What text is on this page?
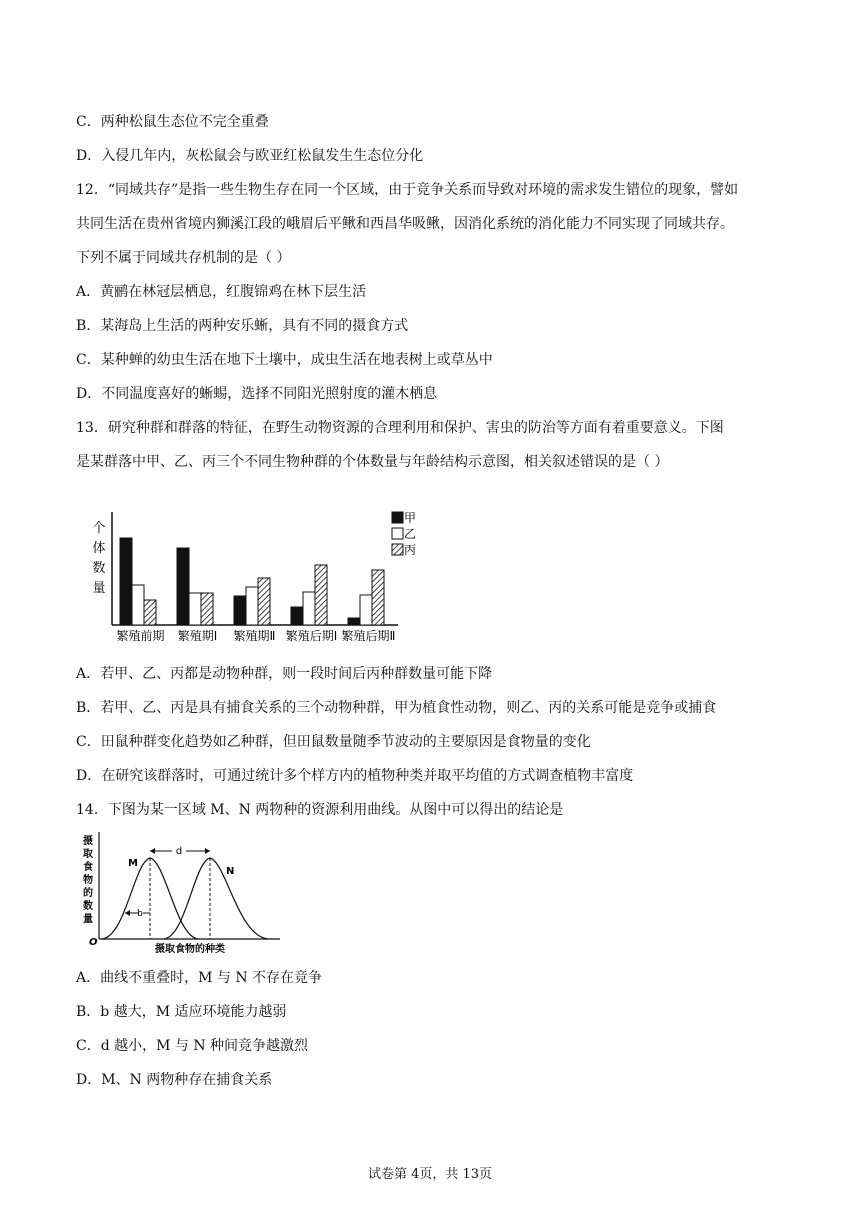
C．两种松鼠生态位不完全重叠
D．入侵几年内，灰松鼠会与欧亚红松鼠发生生态位分化
12．“同域共存”是指一些生物生存在同一个区域，由于竞争关系而导致对环境的需求发生错位的现象，譬如
共同生活在贵州省境内狮溪江段的峨眉后平鳅和西昌华吸鳅，因消化系统的消化能力不同实现了同域共存。
下列不属于同域共存机制的是（ ）
A．黄鹂在林冠层栖息，红腹锦鸡在林下层生活
B．某海岛上生活的两种安乐蜥，具有不同的摄食方式
C．某种蝉的幼虫生活在地下土壤中，成虫生活在地表树上或草丛中
D．不同温度喜好的蜥蜴，选择不同阳光照射度的灌木栖息
13．研究种群和群落的特征，在野生动物资源的合理利用和保护、害虫的防治等方面有着重要意义。下图
是某群落中甲、乙、丙三个不同生物种群的个体数量与年龄结构示意图，相关叙述错误的是（ ）
个
体
数
量
繁殖前期 繁殖期Ⅰ 繁殖期Ⅱ 繁殖后期Ⅰ 繁殖后期Ⅱ
甲
乙
丙
A．若甲、乙、丙都是动物种群，则一段时间后丙种群数量可能下降
B．若甲、乙、丙是具有捕食关系的三个动物种群，甲为植食性动物，则乙、丙的关系可能是竞争或捕食
C．田鼠种群变化趋势如乙种群，但田鼠数量随季节波动的主要原因是食物量的变化
D．在研究该群落时，可通过统计多个样方内的植物种类并取平均值的方式调查植物丰富度
14．下图为某一区域 M、N 两物种的资源利用曲线。从图中可以得出的结论是
摄
取
食
物
的
数
量
O
d
b
M
N
摄取食物的种类
A．曲线不重叠时，M 与 N 不存在竞争
B．b 越大，M 适应环境能力越弱
C．d 越小，M 与 N 种间竞争越激烈
D．M、N 两物种存在捕食关系
试卷第 4页，共 13页
